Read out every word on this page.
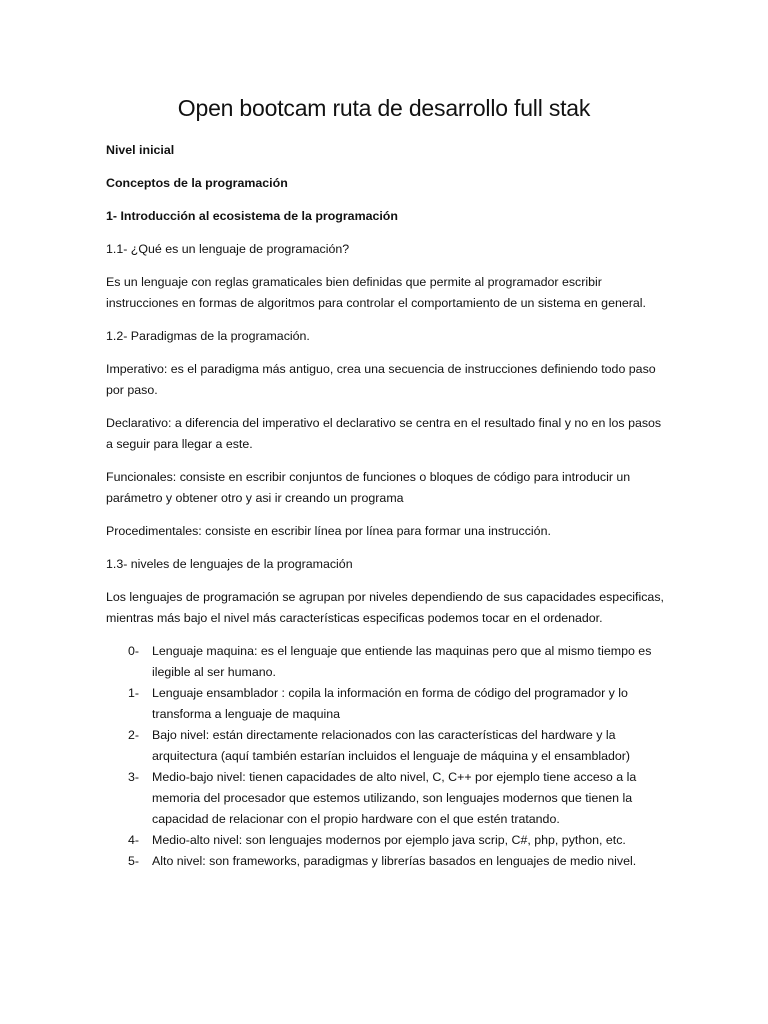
Open bootcam ruta de desarrollo full stak

Nivel inicial

Conceptos de la programación

1- Introducción al ecosistema de la programación

1.1- ¿Qué es un lenguaje de programación?

Es un lenguaje con reglas gramaticales bien definidas que permite al programador escribir instrucciones en formas de algoritmos para controlar el comportamiento de un sistema en general.

1.2- Paradigmas de la programación.

Imperativo: es el paradigma más antiguo, crea una secuencia de instrucciones definiendo todo paso por paso.

Declarativo: a diferencia del imperativo el declarativo se centra en el resultado final y no en los pasos a seguir para llegar a este.

Funcionales: consiste en escribir conjuntos de funciones o bloques de código para introducir un parámetro y obtener otro y asi ir creando un programa

Procedimentales: consiste en escribir línea por línea para formar una instrucción.

1.3- niveles de lenguajes de la programación

Los lenguajes de programación se agrupan por niveles dependiendo de sus capacidades especificas, mientras más bajo el nivel más características especificas podemos tocar en el ordenador.

0- Lenguaje maquina: es el lenguaje que entiende las maquinas pero que al mismo tiempo es ilegible al ser humano.
1- Lenguaje ensamblador : copila la información en forma de código del programador y lo transforma a lenguaje de maquina
2- Bajo nivel: están directamente relacionados con las características del hardware y la arquitectura (aquí también estarían incluidos el lenguaje de máquina y el ensamblador)
3- Medio-bajo nivel: tienen capacidades de alto nivel, C, C++ por ejemplo tiene acceso a la memoria del procesador que estemos utilizando, son lenguajes modernos que tienen la capacidad de relacionar con el propio hardware con el que estén tratando.
4- Medio-alto nivel: son lenguajes modernos por ejemplo java scrip, C#, php, python, etc.
5- Alto nivel: son frameworks, paradigmas y librerías basados en lenguajes de medio nivel.
